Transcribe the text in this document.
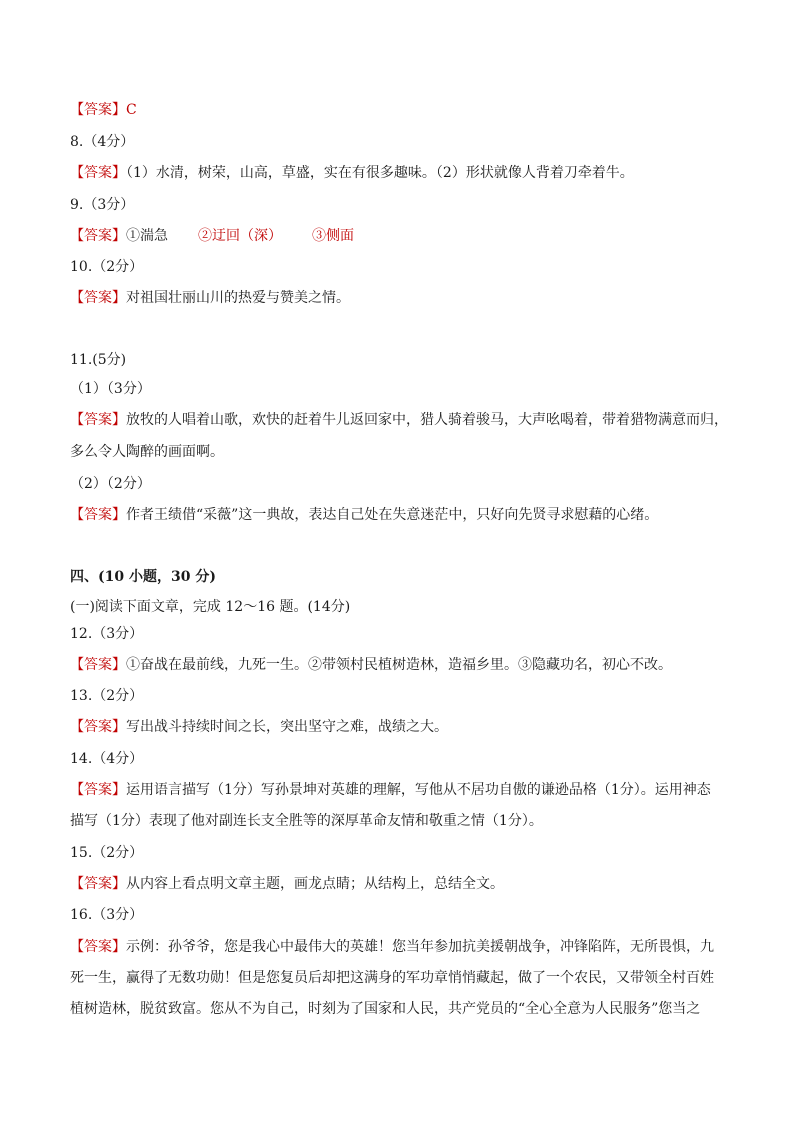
【答案】C
8.（4分）
【答案】（1）水清，树荣，山高，草盛，实在有很多趣味。（2）形状就像人背着刀牵着牛。
9.（3分）
【答案】①湍急 ②迂回（深） ③侧面
10.（2分）
【答案】对祖国壮丽山川的热爱与赞美之情。
11.(5分)
（1）（3分）
【答案】放牧的人唱着山歌，欢快的赶着牛儿返回家中，猎人骑着骏马，大声吆喝着，带着猎物满意而归，
多么令人陶醉的画面啊。
（2）（2分）
【答案】作者王绩借“采薇”这一典故，表达自己处在失意迷茫中，只好向先贤寻求慰藉的心绪。
四、(10 小题，30 分)
(一)阅读下面文章，完成 12～16 题。(14分)
12.（3分）
【答案】①奋战在最前线，九死一生。②带领村民植树造林，造福乡里。③隐藏功名，初心不改。
13.（2分）
【答案】写出战斗持续时间之长，突出坚守之难，战绩之大。
14.（4分）
【答案】运用语言描写（1分）写孙景坤对英雄的理解，写他从不居功自傲的谦逊品格（1分）。运用神态
描写（1分）表现了他对副连长支全胜等的深厚革命友情和敬重之情（1分）。
15.（2分）
【答案】从内容上看点明文章主题，画龙点睛；从结构上，总结全文。
16.（3分）
【答案】示例：孙爷爷，您是我心中最伟大的英雄！您当年参加抗美援朝战争，冲锋陷阵，无所畏惧，九
死一生，赢得了无数功勋！但是您复员后却把这满身的军功章悄悄藏起，做了一个农民，又带领全村百姓
植树造林，脱贫致富。您从不为自己，时刻为了国家和人民，共产党员的“全心全意为人民服务”您当之
